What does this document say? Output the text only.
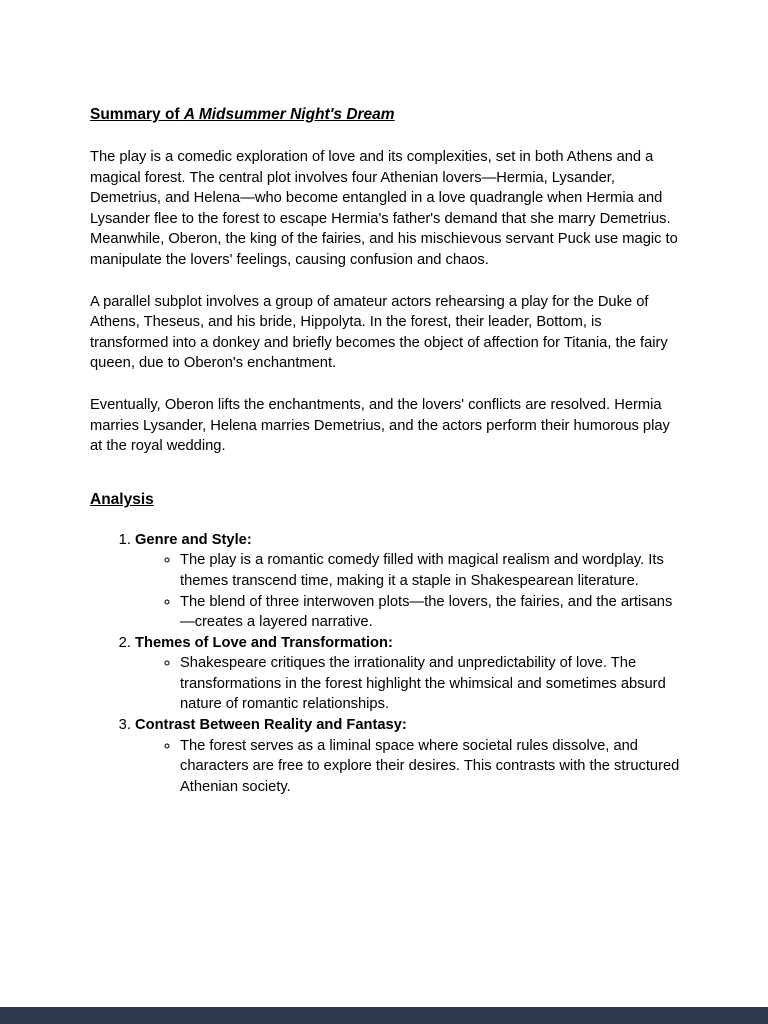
Summary of A Midsummer Night's Dream

The play is a comedic exploration of love and its complexities, set in both Athens and a magical forest. The central plot involves four Athenian lovers—Hermia, Lysander, Demetrius, and Helena—who become entangled in a love quadrangle when Hermia and Lysander flee to the forest to escape Hermia's father's demand that she marry Demetrius. Meanwhile, Oberon, the king of the fairies, and his mischievous servant Puck use magic to manipulate the lovers' feelings, causing confusion and chaos.

A parallel subplot involves a group of amateur actors rehearsing a play for the Duke of Athens, Theseus, and his bride, Hippolyta. In the forest, their leader, Bottom, is transformed into a donkey and briefly becomes the object of affection for Titania, the fairy queen, due to Oberon's enchantment.

Eventually, Oberon lifts the enchantments, and the lovers' conflicts are resolved. Hermia marries Lysander, Helena marries Demetrius, and the actors perform their humorous play at the royal wedding.

Analysis
1. Genre and Style:
◦ The play is a romantic comedy filled with magical realism and wordplay. Its themes transcend time, making it a staple in Shakespearean literature.
◦ The blend of three interwoven plots—the lovers, the fairies, and the artisans—creates a layered narrative.
2. Themes of Love and Transformation:
◦ Shakespeare critiques the irrationality and unpredictability of love. The transformations in the forest highlight the whimsical and sometimes absurd nature of romantic relationships.
3. Contrast Between Reality and Fantasy:
◦ The forest serves as a liminal space where societal rules dissolve, and characters are free to explore their desires. This contrasts with the structured Athenian society.
